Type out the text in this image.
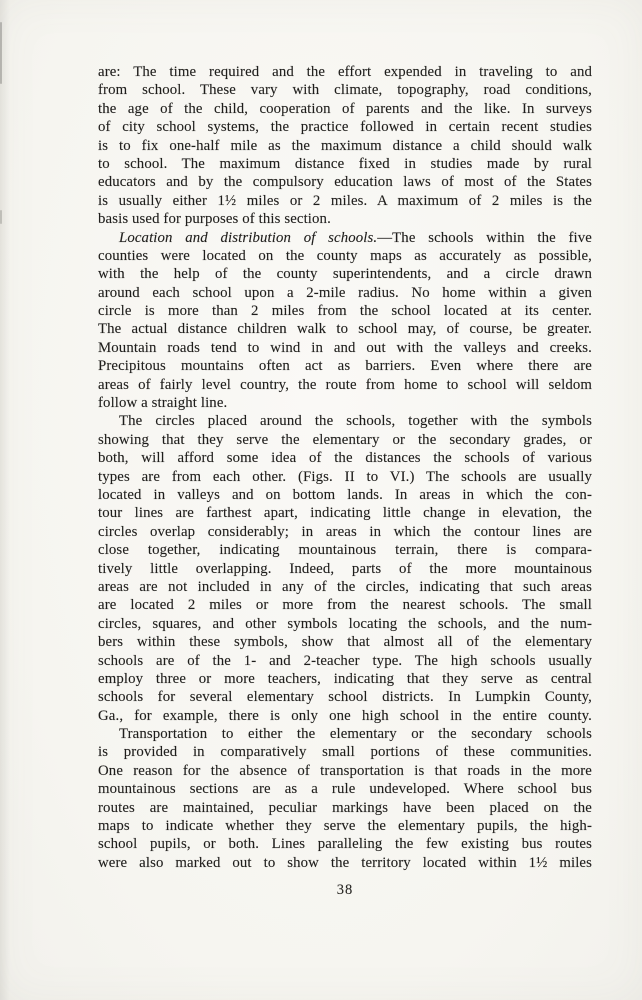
are: The time required and the effort expended in traveling to and
from school. These vary with climate, topography, road conditions,
the age of the child, cooperation of parents and the like. In surveys
of city school systems, the practice followed in certain recent studies
is to fix one-half mile as the maximum distance a child should walk
to school. The maximum distance fixed in studies made by rural
educators and by the compulsory education laws of most of the States
is usually either 1½ miles or 2 miles. A maximum of 2 miles is the
basis used for purposes of this section.
Location and distribution of schools.—The schools within the five
counties were located on the county maps as accurately as possible,
with the help of the county superintendents, and a circle drawn
around each school upon a 2-mile radius. No home within a given
circle is more than 2 miles from the school located at its center.
The actual distance children walk to school may, of course, be greater.
Mountain roads tend to wind in and out with the valleys and creeks.
Precipitous mountains often act as barriers. Even where there are
areas of fairly level country, the route from home to school will seldom
follow a straight line.
The circles placed around the schools, together with the symbols
showing that they serve the elementary or the secondary grades, or
both, will afford some idea of the distances the schools of various
types are from each other. (Figs. II to VI.) The schools are usually
located in valleys and on bottom lands. In areas in which the con-
tour lines are farthest apart, indicating little change in elevation, the
circles overlap considerably; in areas in which the contour lines are
close together, indicating mountainous terrain, there is compara-
tively little overlapping. Indeed, parts of the more mountainous
areas are not included in any of the circles, indicating that such areas
are located 2 miles or more from the nearest schools. The small
circles, squares, and other symbols locating the schools, and the num-
bers within these symbols, show that almost all of the elementary
schools are of the 1- and 2-teacher type. The high schools usually
employ three or more teachers, indicating that they serve as central
schools for several elementary school districts. In Lumpkin County,
Ga., for example, there is only one high school in the entire county.
Transportation to either the elementary or the secondary schools
is provided in comparatively small portions of these communities.
One reason for the absence of transportation is that roads in the more
mountainous sections are as a rule undeveloped. Where school bus
routes are maintained, peculiar markings have been placed on the
maps to indicate whether they serve the elementary pupils, the high-
school pupils, or both. Lines paralleling the few existing bus routes
were also marked out to show the territory located within 1½ miles
38
